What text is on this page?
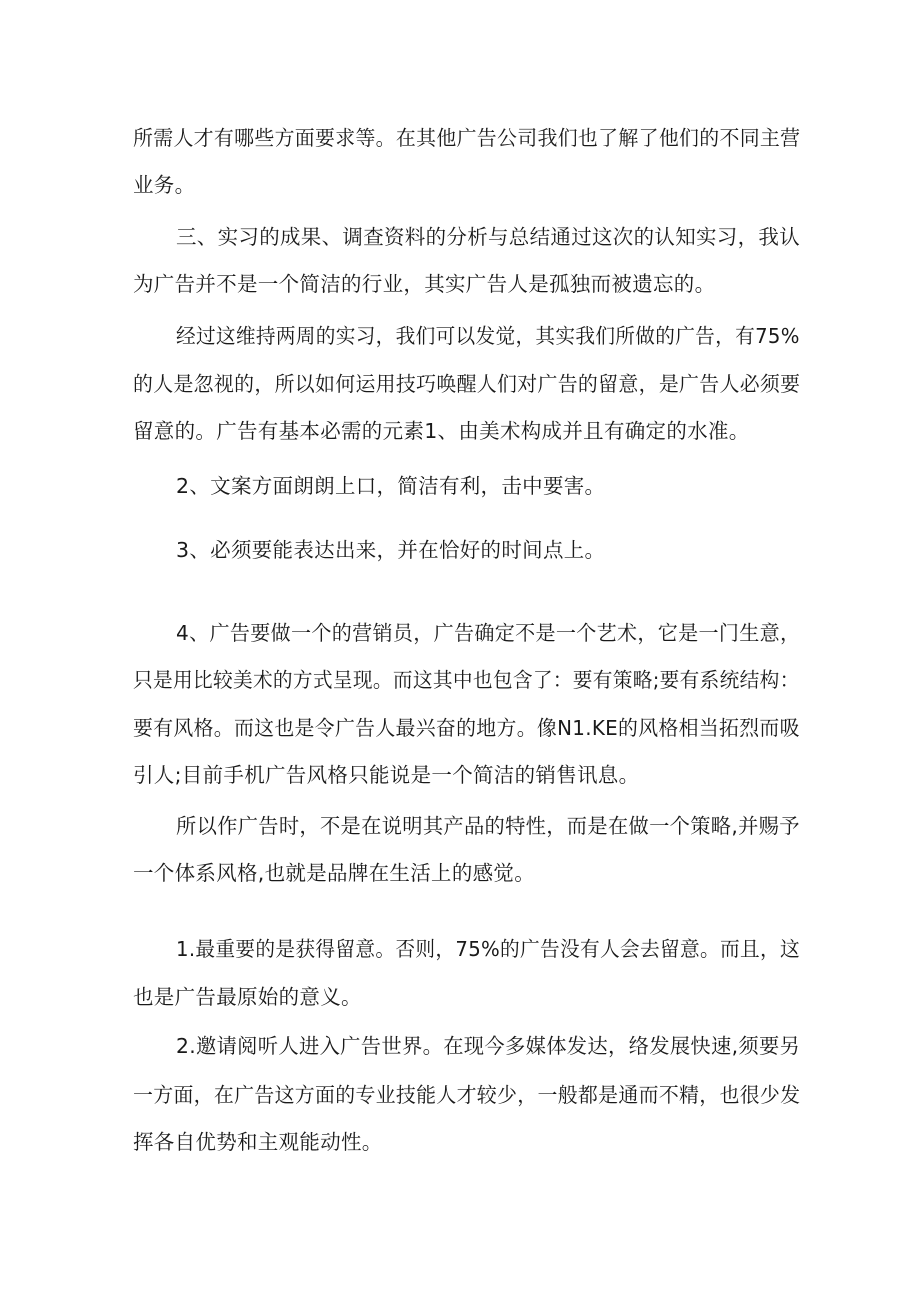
所需人才有哪些方面要求等。在其他广告公司我们也了解了他们的不同主营
业务。
三、实习的成果、调查资料的分析与总结通过这次的认知实习，我认
为广告并不是一个简洁的行业，其实广告人是孤独而被遗忘的。
经过这维持两周的实习，我们可以发觉，其实我们所做的广告，有75%
的人是忽视的，所以如何运用技巧唤醒人们对广告的留意，是广告人必须要
留意的。广告有基本必需的元素1、由美术构成并且有确定的水准。
2、文案方面朗朗上口，简洁有利，击中要害。
3、必须要能表达出来，并在恰好的时间点上。
4、广告要做一个的营销员，广告确定不是一个艺术，它是一门生意，
只是用比较美术的方式呈现。而这其中也包含了：要有策略;要有系统结构：
要有风格。而这也是令广告人最兴奋的地方。像N1.KE的风格相当拓烈而吸
引人;目前手机广告风格只能说是一个简洁的销售讯息。
所以作广告时，不是在说明其产品的特性，而是在做一个策略,并赐予
一个体系风格,也就是品牌在生活上的感觉。
1.最重要的是获得留意。否则，75%的广告没有人会去留意。而且，这
也是广告最原始的意义。
2.邀请阅听人进入广告世界。在现今多媒体发达，络发展快速,须要另
一方面，在广告这方面的专业技能人才较少，一般都是通而不精，也很少发
挥各自优势和主观能动性。
